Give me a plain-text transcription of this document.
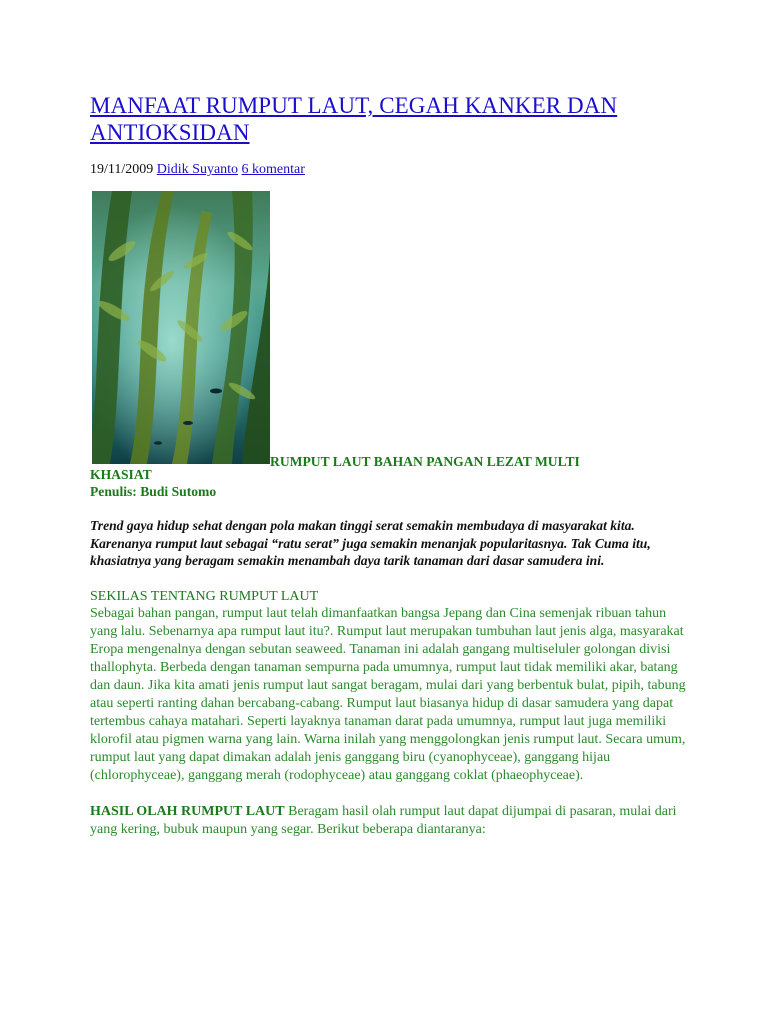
MANFAAT RUMPUT LAUT, CEGAH KANKER DAN ANTIOKSIDAN
19/11/2009 Didik Suyanto 6 komentar
RUMPUT LAUT BAHAN PANGAN LEZAT MULTI
KHASIAT
Penulis: Budi Sutomo

Trend gaya hidup sehat dengan pola makan tinggi serat semakin membudaya di masyarakat kita. Karenanya rumput laut sebagai “ratu serat” juga semakin menanjak popularitasnya. Tak Cuma itu, khasiatnya yang beragam semakin menambah daya tarik tanaman dari dasar samudera ini.

SEKILAS TENTANG RUMPUT LAUT

Sebagai bahan pangan, rumput laut telah dimanfaatkan bangsa Jepang dan Cina semenjak ribuan tahun yang lalu. Sebenarnya apa rumput laut itu?. Rumput laut merupakan tumbuhan laut jenis alga, masyarakat Eropa mengenalnya dengan sebutan seaweed. Tanaman ini adalah gangang multiseluler golongan divisi thallophyta. Berbeda dengan tanaman sempurna pada umumnya, rumput laut tidak memiliki akar, batang dan daun. Jika kita amati jenis rumput laut sangat beragam, mulai dari yang berbentuk bulat, pipih, tabung atau seperti ranting dahan bercabang-cabang. Rumput laut biasanya hidup di dasar samudera yang dapat tertembus cahaya matahari. Seperti layaknya tanaman darat pada umumnya, rumput laut juga memiliki klorofil atau pigmen warna yang lain. Warna inilah yang menggolongkan jenis rumput laut. Secara umum, rumput laut yang dapat dimakan adalah jenis ganggang biru (cyanophyceae), ganggang hijau (chlorophyceae), ganggang merah (rodophyceae) atau ganggang coklat (phaeophyceae).

HASIL OLAH RUMPUT LAUT Beragam hasil olah rumput laut dapat dijumpai di pasaran, mulai dari yang kering, bubuk maupun yang segar. Berikut beberapa diantaranya:
